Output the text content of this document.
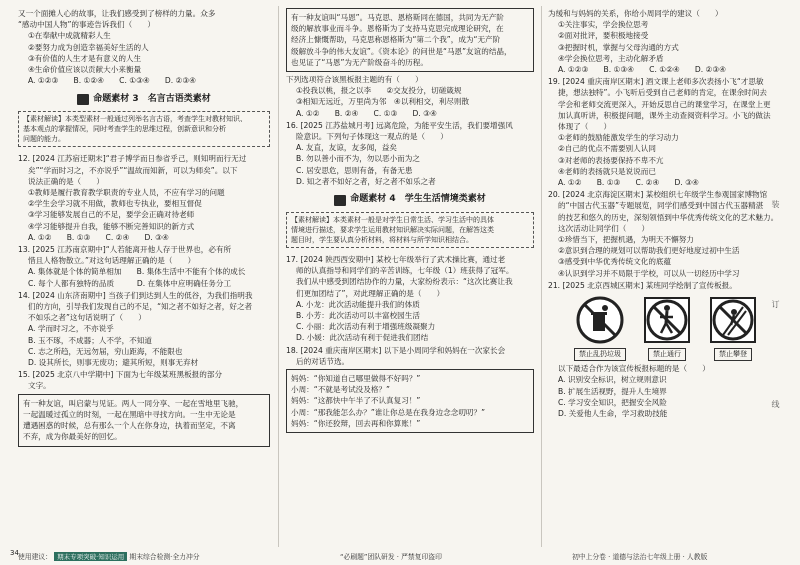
又一个面摊人心的故事，让我们感受到了榜样的力量。众多
“感动中国人物”的事迹告诉我们（　　）
①在奉献中成就精彩人生
②要努力成为创造幸福美好生活的人
③有价值的人生才是有意义的人生
④生命价值应该以贡献大小来衡量
A. ①②③　　B. ①②④　　C. ①③④　　D. ②③④
命题素材 3　名言古语类素材
【素材解读】本类型素材一般通过列举名言古语，考查学生对教材知识、
基本观点的掌握情况，同时考查学生的思维过程，创新意识和分析
问题的能力。
12. [2024 江苏宿迁期末]“君子博学而日参省乎己，则知明而行无过
矣”“学而时习之，不亦说乎”“温故而知新，可以为师矣”。以下
说法正确的是（　　）
①教师是履行教育教学职责的专业人员，不应有学习的问题
②学生会学习就不用做，教师也专执业，要相互督促
③学习能够发展自己的不足，要学会正确对待老师
④学习能够提升自我，能够不断完善知识的新方式
A. ①②　　B. ①③　　C. ②④　　D. ③④
13. [2025 江苏南京期中]“人若能离开他人存于世界也，必有所
惜且人格物散立。”对这句话理解正确的是（　　）
A. 集体就是个体的简单相加　　B. 集体生活中不能有个体的成长
C. 每个人都有独特的品质　　　D. 在集体中应明确任务分工
14. [2024 山东济南期中] 当孩子们到达到人生的低谷，为我们指明我
们的方向，引导我们发现自己的不足，“知之者不如好之者，好之者
不如乐之者”这句话说明了（　　）
A. 学而时习之，不亦说乎
B. 玉不琢，不成器；人不学，不知道
C. 志之所趋，无远勿届，穷山距海，不能限也
D. 设其所长，则事无废功；避其所短，则事无弃材
15. [2025 北京八中学期中] 下面为七年级某班黑板报的部分
文字。
有一种友谊，叫启蒙与见证。两人一同分享、一起在雪地里飞驰，
一起温暖过孤立的时刻，一起在黑暗中寻找方向。一生中无论是
遭遇困惑的时候，总有那么一个人在你身边，执着而坚定，不离
不弃，成为你最美好的回忆。
有一种友谊叫“马恩”。马克思、恩格斯同在德国，共同为无产阶
级的解放事业而斗争。恩格斯为了支持马克思完成理论研究，在
经济上慷慨帮助，马克思称恩格斯为“第二个我”，成为“无产阶
级解放斗争的伟大友谊”。《资本论》的问世是“马恩”友谊的结晶，
也见证了“马恩”为无产阶级奋斗的历程。
下列选项符合该黑板报主题的有（　　）
①投我以桃，报之以李　　②交友投分，切磋箴规
③相知无远近，万里尚为邻　④以利相交，利尽则散
A. ①②　　B. ②④　　C. ①③　　D. ③④
16. [2025 江苏盐城月考] 远离危险，为能平安生活，我们要增强风
险意识。下列句子体现这一观点的是（　　）
A. 友直，友谅，友多闻，益矣
B. 勿以善小而不为，勿以恶小而为之
C. 居安思危，思则有备，有备无患
D. 知之者不如好之者，好之者不如乐之者
命题素材 4　学生生活情境类素材
【素材解读】本类素材一般是对学生日常生活、学习生活中的具体
情境进行描述，要求学生运用教材知识解决实际问题，在解答这类
题目时，学生要认真分析材料，将材料与所学知识相结合。
17. [2024 陕西西安期中] 某校七年级举行了武术操比赛，通过老
师的认真指导和同学们的辛苦训练，七年级（1）班获得了冠军。
我们从中感受到团结协作的力量，大家纷纷表示：“这次比赛让我
们更加团结了”，对此理解正确的是（　　）
A. 小龙：此次活动能提升我们的体质
B. 小芳：此次活动可以丰富校园生活
C. 小丽：此次活动有利于增强班级凝聚力
D. 小媛：此次活动有利于促进我们团结
18. [2024 重庆南岸区期末] 以下是小周同学和妈妈在一次家长会
后的对话节选。
妈妈：“你知道自己哪里做得不好吗？”
小周：“不就是考试没及格？”
妈妈：“这都快中午半了不认真复习！”
小周：“那我能怎么办？”谁让你总是在我身边念念叨叨？”
妈妈：“你还狡辩，回去再和你算账！”
为缓和与妈妈的关系，你给小周同学的建议（　　）
①关注事实，学会换位思考
②面对批评，要积极地接受
③把握时机，掌握与父母沟通的方式
④学会换位思考，主动化解矛盾
A. ①②③　　B. ①③④　　C. ①②④　　D. ②③④
19. [2024 重庆南岸区期末] 酒文课上老师多次表扬小飞“才思敏
捷，想法独特”。小飞听后受到自己老师的肯定，在课余时间去
学会和老师交流更深入，开始反思自己的课堂学习，在课堂上更
加认真听讲，积极提问题，课外主动查阅资料学习。小飞的做法
体现了（　　）
①老师的鼓励能激发学生的学习动力
②自己的优点不需要别人认同
③对老师的表扬要保持不卑不亢
④老师的表扬就只是说说而已
A. ①②　　B. ①③　　C. ②④　　D. ③④
20. [2024 北京海淀区期末] 某校组织七年级学生参观国家博物馆
的“中国古代玉器”专题展览，同学们感受到中国古代玉器精湛
的技艺和悠久的历史，深刻领悟到中华优秀传统文化的艺术魅力。
这次活动让同学们（　　）
①珍惜当下，把握机遇，为明天不懈努力
②意识到合理的规划可以帮助我们更好地度过初中生活
③感受到中华优秀传统文化的底蕴
④认识到学习并不局限于学校，可以从一切经历中学习
21. [2025 北京西城区期末] 某班同学绘制了宣传板报。
禁止乱扔垃圾	禁止通行	禁止攀登
以下最适合作为该宣传板报标题的是（　　）
A. 识别安全标识，树立规则意识
B. 扩展生活视野，提升人生境界
C. 学习安全知识，把握安全风险
D. 关爱他人生命，学习救助技能
装
订
线
34 使用建议： 期末专项突破·知识运用 期末综合检测·全力冲分	“必刷题”团队研发 · 严禁复印盗印	初中上分卷 · 道德与法治七年级上册 · 人教版
